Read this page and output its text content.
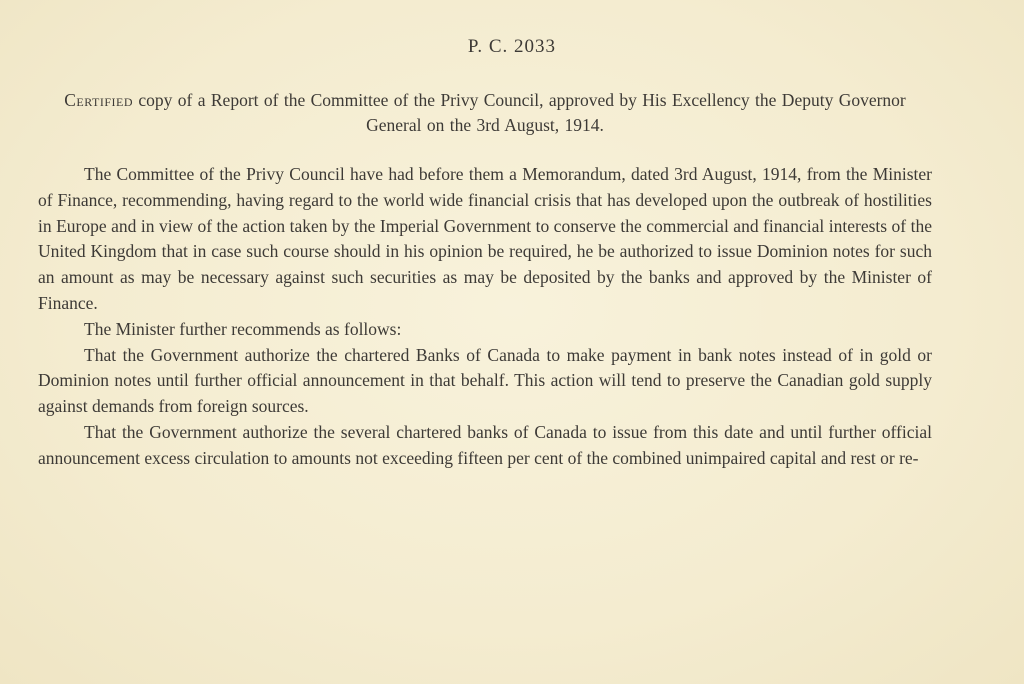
P. C. 2033
Certified copy of a Report of the Committee of the Privy Council, approved by His Excellency the Deputy Governor General on the 3rd August, 1914.

The Committee of the Privy Council have had before them a Memorandum, dated 3rd August, 1914, from the Minister of Finance, recommending, having regard to the world wide financial crisis that has developed upon the outbreak of hostilities in Europe and in view of the action taken by the Imperial Government to conserve the commercial and financial interests of the United Kingdom that in case such course should in his opinion be required, he be authorized to issue Dominion notes for such an amount as may be necessary against such securities as may be deposited by the banks and approved by the Minister of Finance.

The Minister further recommends as follows:

That the Government authorize the chartered Banks of Canada to make payment in bank notes instead of in gold or Dominion notes until further official announcement in that behalf. This action will tend to preserve the Canadian gold supply against demands from foreign sources.

That the Government authorize the several chartered banks of Canada to issue from this date and until further official announcement excess circulation to amounts not exceeding fifteen per cent of the combined unimpaired capital and rest or re-
